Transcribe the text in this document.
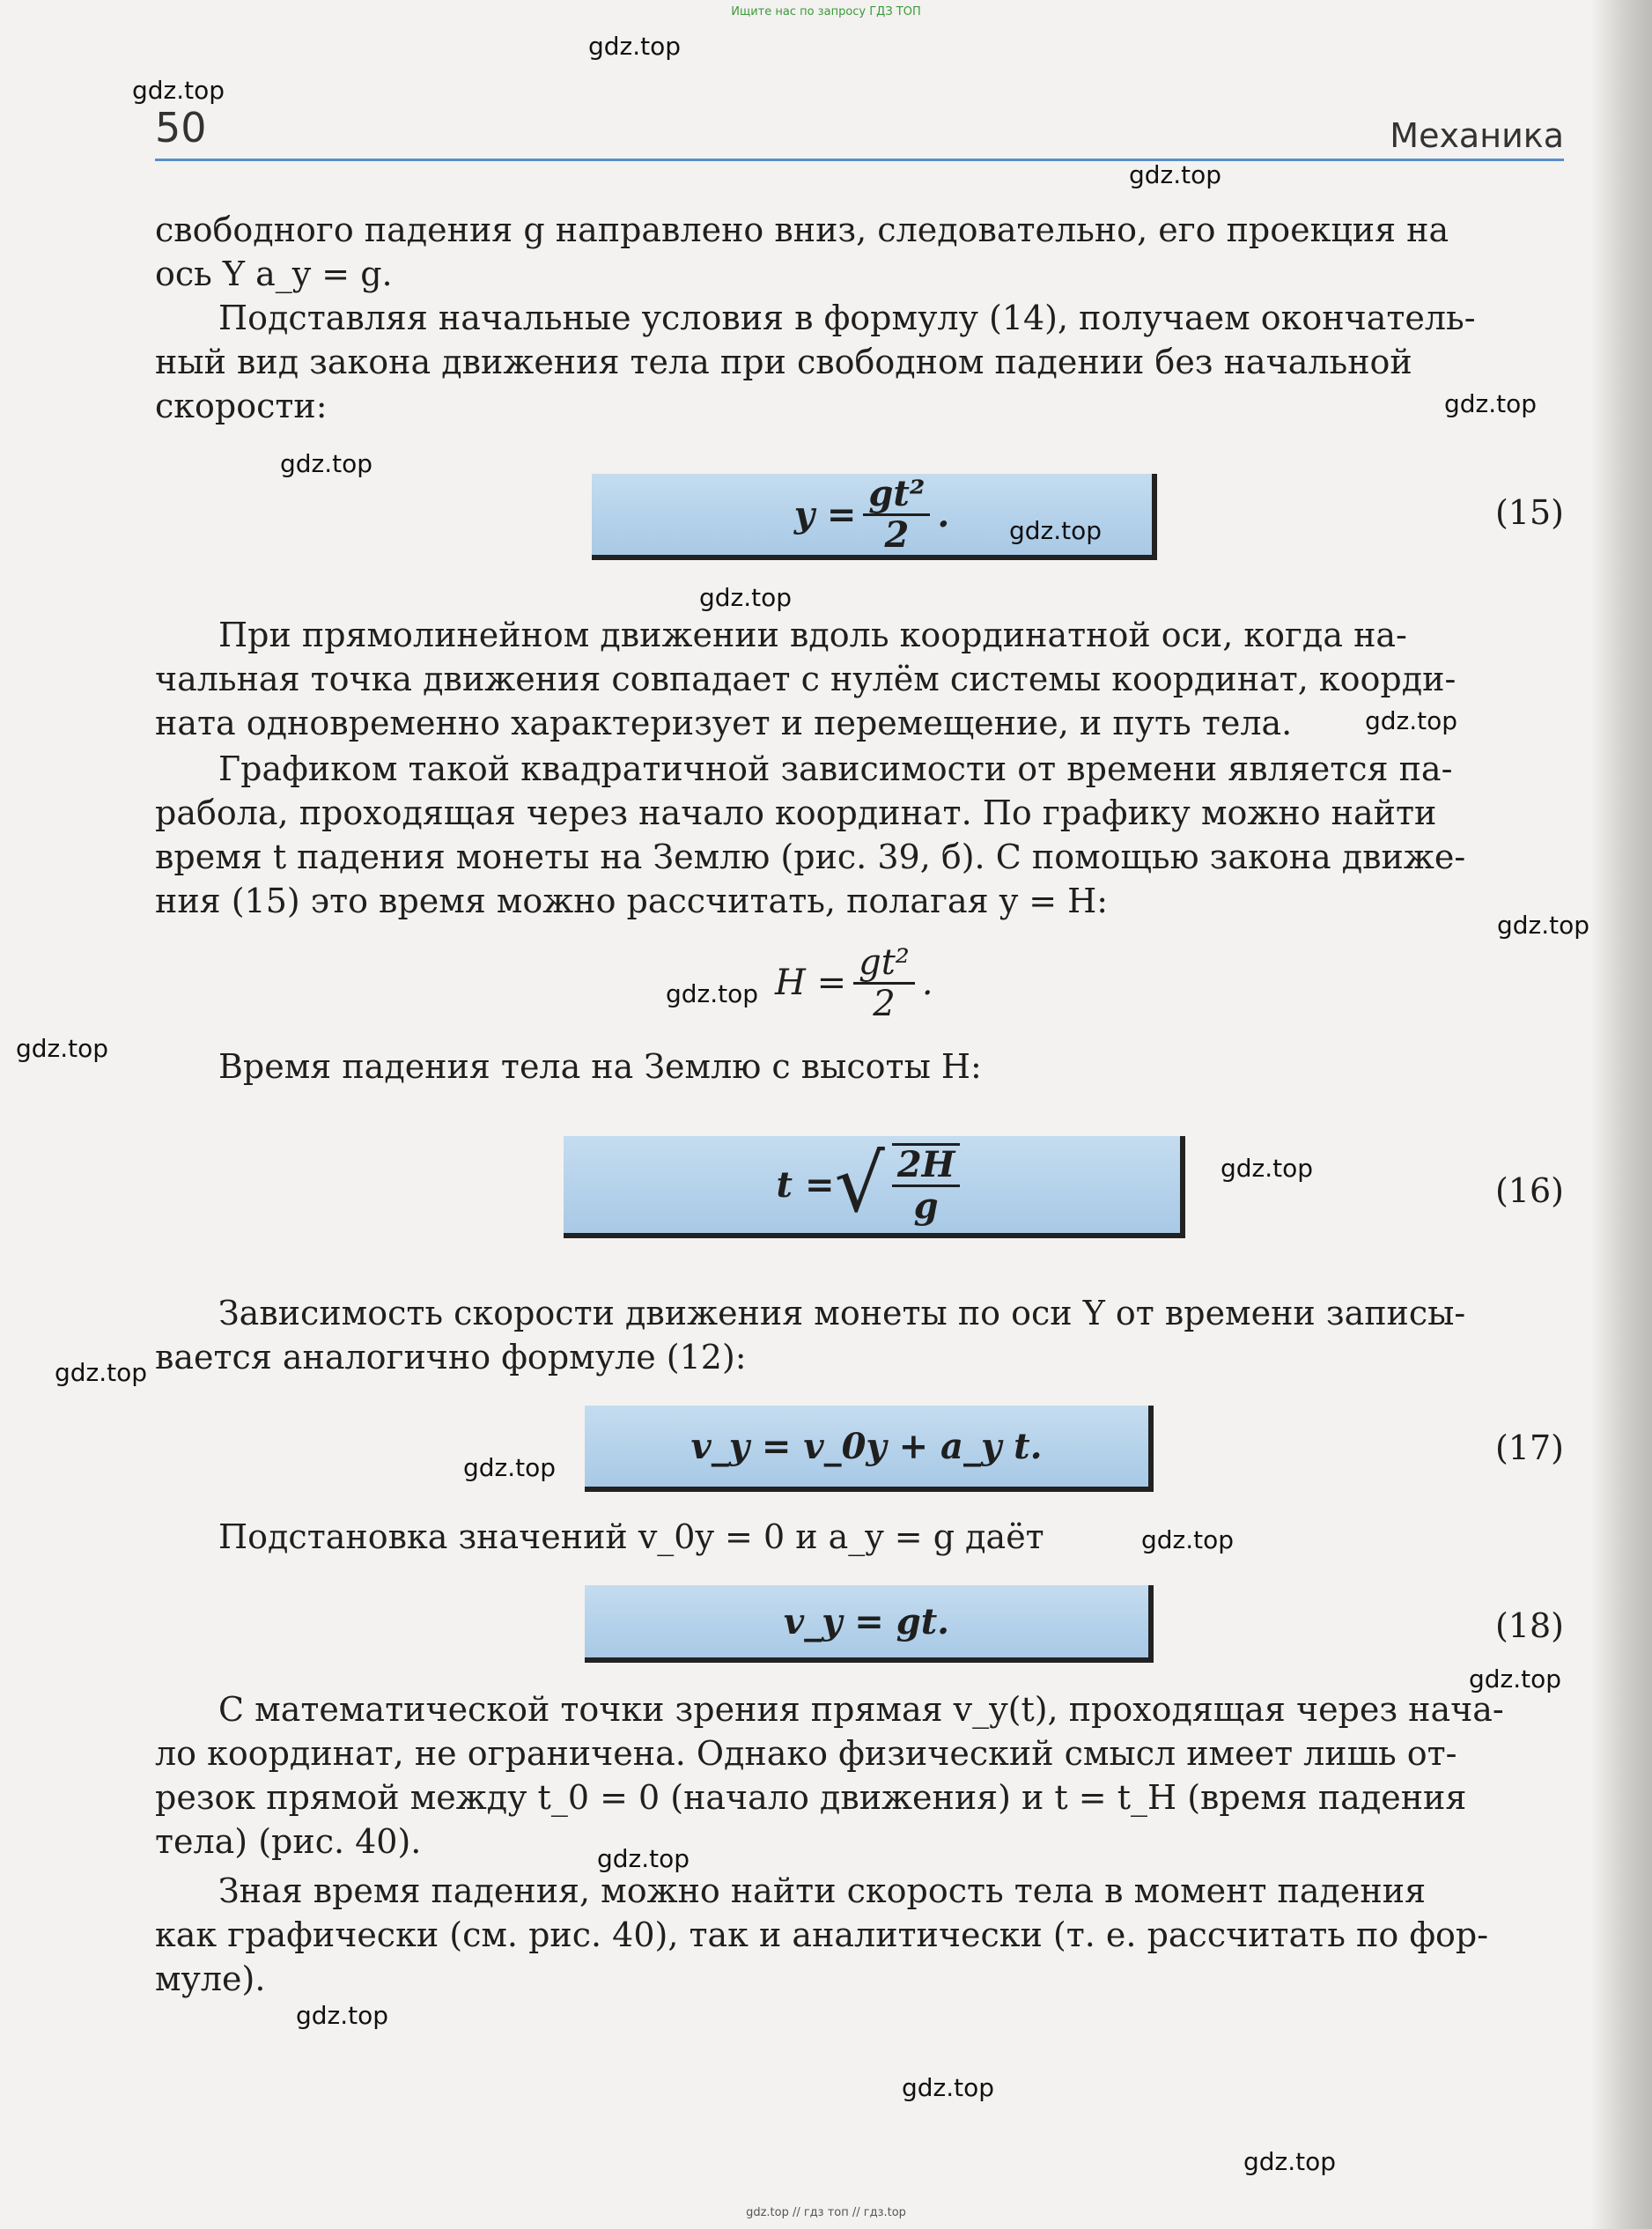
Ищите нас по запросу ГДЗ ТОП
50	Механика
свободного падения g направлено вниз, следовательно, его проекция на
ось Y a_y = g.
Подставляя начальные условия в формулу (14), получаем окончатель-
ный вид закона движения тела при свободном падении без начальной
скорости:
$y = \frac{\text{gt²}}{2}$ .	(15)
При прямолинейном движении вдоль координатной оси, когда на-
чальная точка движения совпадает с нулём системы координат, коорди-
ната одновременно характеризует и перемещение, и путь тела.
Графиком такой квадратичной зависимости от времени является па-
рабола, проходящая через начало координат. По графику можно найти
время t падения монеты на Землю (рис. 39, б). С помощью закона движе-
ния (15) это время можно рассчитать, полагая y = H:
$H = \frac{\text{gt²}}{2}$ .
Время падения тела на Землю с высоты H:
t = √ $\frac{2H}{g}$	(16)
Зависимость скорости движения монеты по оси Y от времени записы-
вается аналогично формуле (12):
v_y = v_0y + a_y t.	(17)
Подстановка значений v_0y = 0 и a_y = g даёт
v_y = gt.	(18)
С математической точки зрения прямая v_y(t), проходящая через нача-
ло координат, не ограничена. Однако физический смысл имеет лишь от-
резок прямой между t_0 = 0 (начало движения) и t = t_H (время падения
тела) (рис. 40).
Зная время падения, можно найти скорость тела в момент падения
как графически (см. рис. 40), так и аналитически (т. е. рассчитать по фор-
муле).
gdz.top
gdz.top
gdz.top
gdz.top
gdz.top
gdz.top
gdz.top
gdz.top
gdz.top
gdz.top
gdz.top
gdz.top
gdz.top
gdz.top
gdz.top
gdz.top
gdz.top
gdz.top
gdz.top
gdz.top
gdz.top // гдз топ // гдз.top
